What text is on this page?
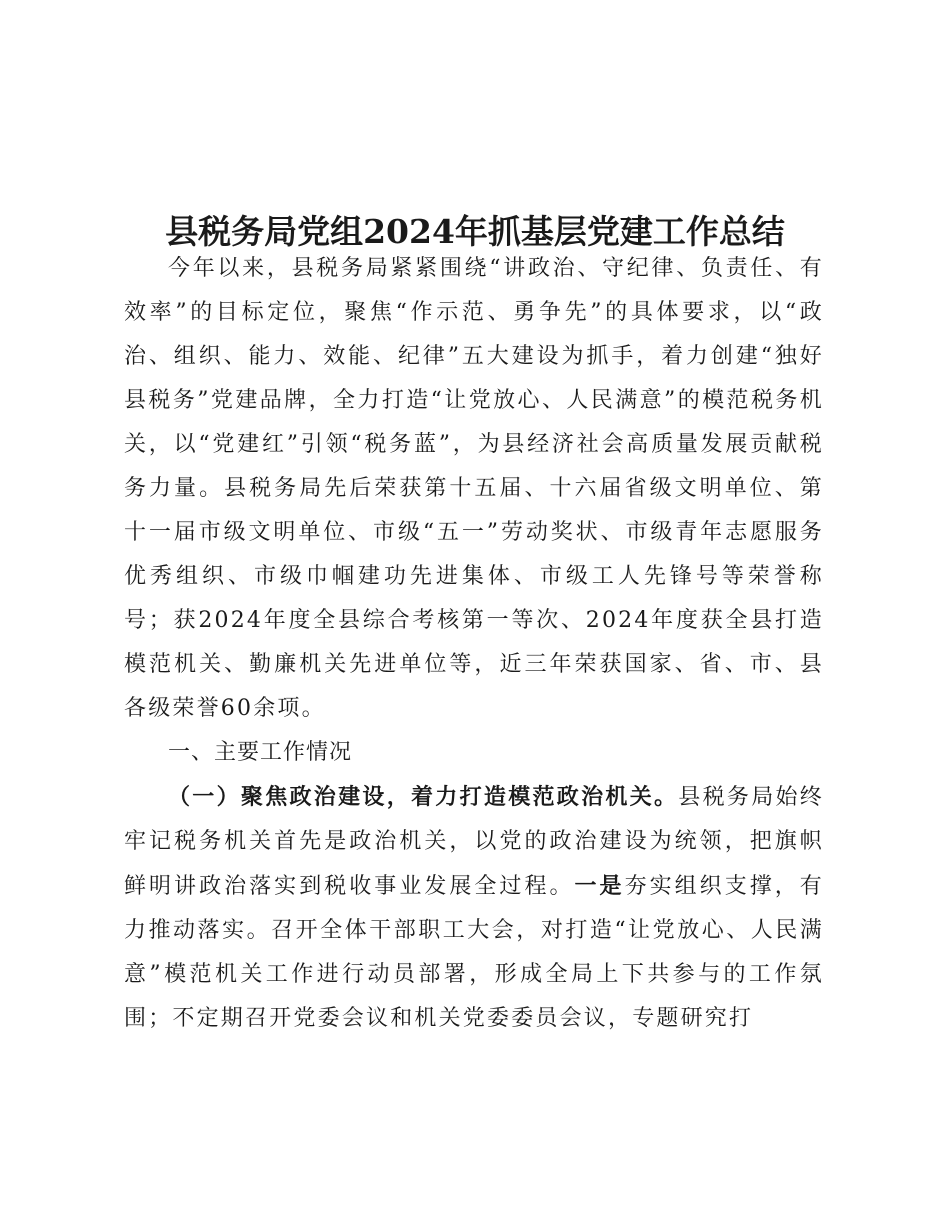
县税务局党组2024年抓基层党建工作总结

今年以来，县税务局紧紧围绕“讲政治、守纪律、负责任、有效率”的目标定位，聚焦“作示范、勇争先”的具体要求，以“政治、组织、能力、效能、纪律”五大建设为抓手，着力创建“独好县税务”党建品牌，全力打造“让党放心、人民满意”的模范税务机关，以“党建红”引领“税务蓝”，为县经济社会高质量发展贡献税务力量。县税务局先后荣获第十五届、十六届省级文明单位、第十一届市级文明单位、市级“五一”劳动奖状、市级青年志愿服务优秀组织、市级巾帼建功先进集体、市级工人先锋号等荣誉称号；获2024年度全县综合考核第一等次、2024年度获全县打造模范机关、勤廉机关先进单位等，近三年荣获国家、省、市、县各级荣誉60余项。

一、主要工作情况

（一）聚焦政治建设，着力打造模范政治机关。县税务局始终牢记税务机关首先是政治机关，以党的政治建设为统领，把旗帜鲜明讲政治落实到税收事业发展全过程。一是夯实组织支撑，有力推动落实。召开全体干部职工大会，对打造“让党放心、人民满意”模范机关工作进行动员部署，形成全局上下共参与的工作氛围；不定期召开党委会议和机关党委委员会议，专题研究打
